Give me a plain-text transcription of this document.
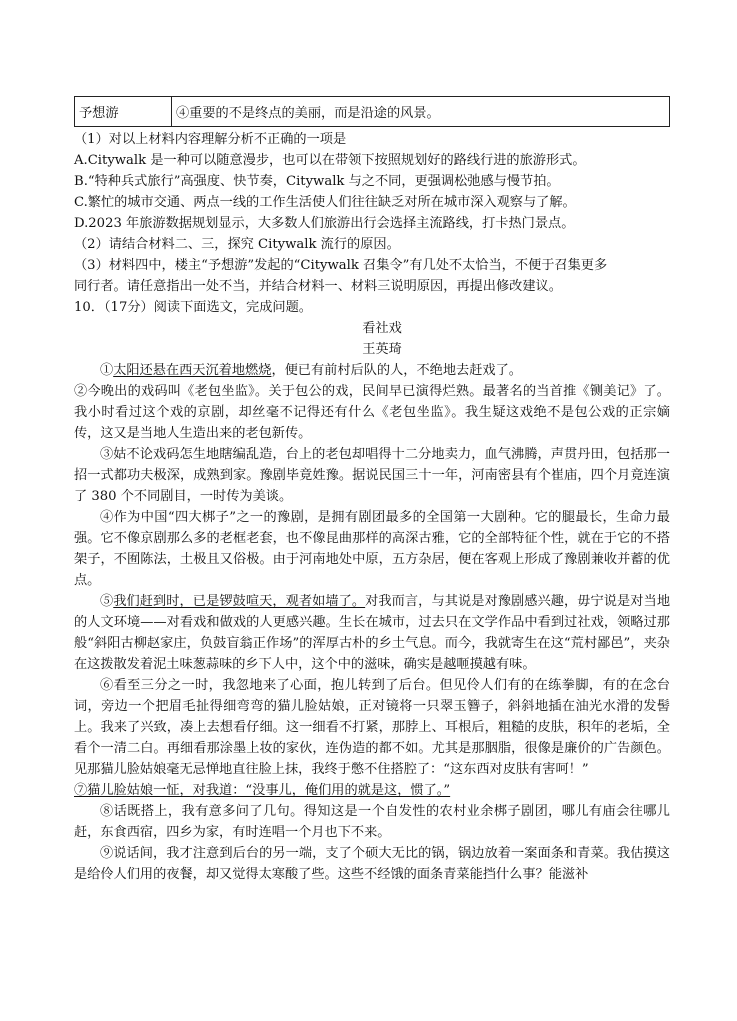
予想游	④重要的不是终点的美丽，而是沿途的风景。

（1）对以上材料内容理解分析不正确的一项是

A.Citywalk 是一种可以随意漫步，也可以在带领下按照规划好的路线行进的旅游形式。

B.“特种兵式旅行”高强度、快节奏，Citywalk 与之不同，更强调松弛感与慢节拍。

C.繁忙的城市交通、两点一线的工作生活使人们往往缺乏对所在城市深入观察与了解。

D.2023 年旅游数据规划显示，大多数人们旅游出行会选择主流路线，打卡热门景点。

（2）请结合材料二、三，探究 Citywalk 流行的原因。

（3）材料四中，楼主“予想游”发起的“Citywalk 召集令”有几处不太恰当，不便于召集更多

同行者。请任意指出一处不当，并结合材料一、材料三说明原因，再提出修改建议。

10．（17分）阅读下面选文，完成问题。

看社戏

王英琦

①太阳还悬在西天沉着地燃烧，便已有前村后队的人，不绝地去赶戏了。

②今晚出的戏码叫《老包坐监》。关于包公的戏，民间早已演得烂熟。最著名的当首推《铡美记》了。我小时看过这个戏的京剧，却丝毫不记得还有什么《老包坐监》。我生疑这戏绝不是包公戏的正宗嫡传，这又是当地人生造出来的老包新传。

③姑不论戏码怎生地瞎编乱造，台上的老包却唱得十二分地卖力，血气沸腾，声贯丹田，包括那一招一式都功夫极深，成熟到家。豫剧毕竟姓豫。据说民国三十一年，河南密县有个崔庙，四个月竟连演了 380 个不同剧目，一时传为美谈。

④作为中国“四大梆子”之一的豫剧，是拥有剧团最多的全国第一大剧种。它的腿最长，生命力最强。它不像京剧那么多的老框老套，也不像昆曲那样的高深古雅，它的全部特征个性，就在于它的不搭架子，不囿陈法，土极且又俗极。由于河南地处中原，五方杂居，便在客观上形成了豫剧兼收并蓄的优点。

⑤我们赶到时，已是锣鼓喧天，观者如墙了。对我而言，与其说是对豫剧感兴趣，毋宁说是对当地的人文环境——对看戏和做戏的人更感兴趣。生长在城市，过去只在文学作品中看到过社戏，领略过那般“斜阳古柳赵家庄，负鼓盲翁正作场”的浑厚古朴的乡土气息。而今，我就寄生在这“荒村鄙邑”，夹杂在这拨散发着泥土味葱蒜味的乡下人中，这个中的滋味，确实是越咂摸越有味。

⑥看至三分之一时，我忽地来了心面，抱儿转到了后台。但见伶人们有的在练拳脚，有的在念台词，旁边一个把眉毛扯得细弯弯的猫儿脸姑娘，正对镜将一只翠玉簪子，斜斜地插在油光水滑的发髻上。我来了兴致，凑上去想看仔细。这一细看不打紧，那脖上、耳根后，粗糙的皮肤，积年的老垢，全看个一清二白。再细看那涂墨上妆的家伙，连伪造的都不如。尤其是那胭脂，很像是廉价的广告颜色。见那猫儿脸姑娘毫无忌惮地直往脸上抹，我终于憋不住搭腔了：“这东西对皮肤有害呵！”

⑦猫儿脸姑娘一怔，对我道：“没事儿，俺们用的就是这，惯了。”

⑧话既搭上，我有意多问了几句。得知这是一个自发性的农村业余梆子剧团，哪儿有庙会往哪儿赶，东食西宿，四乡为家，有时连唱一个月也下不来。

⑨说话间，我才注意到后台的另一端，支了个硕大无比的锅，锅边放着一案面条和青菜。我估摸这是给伶人们用的夜餐，却又觉得太寒酸了些。这些不经饿的面条青菜能挡什么事？能滋补
